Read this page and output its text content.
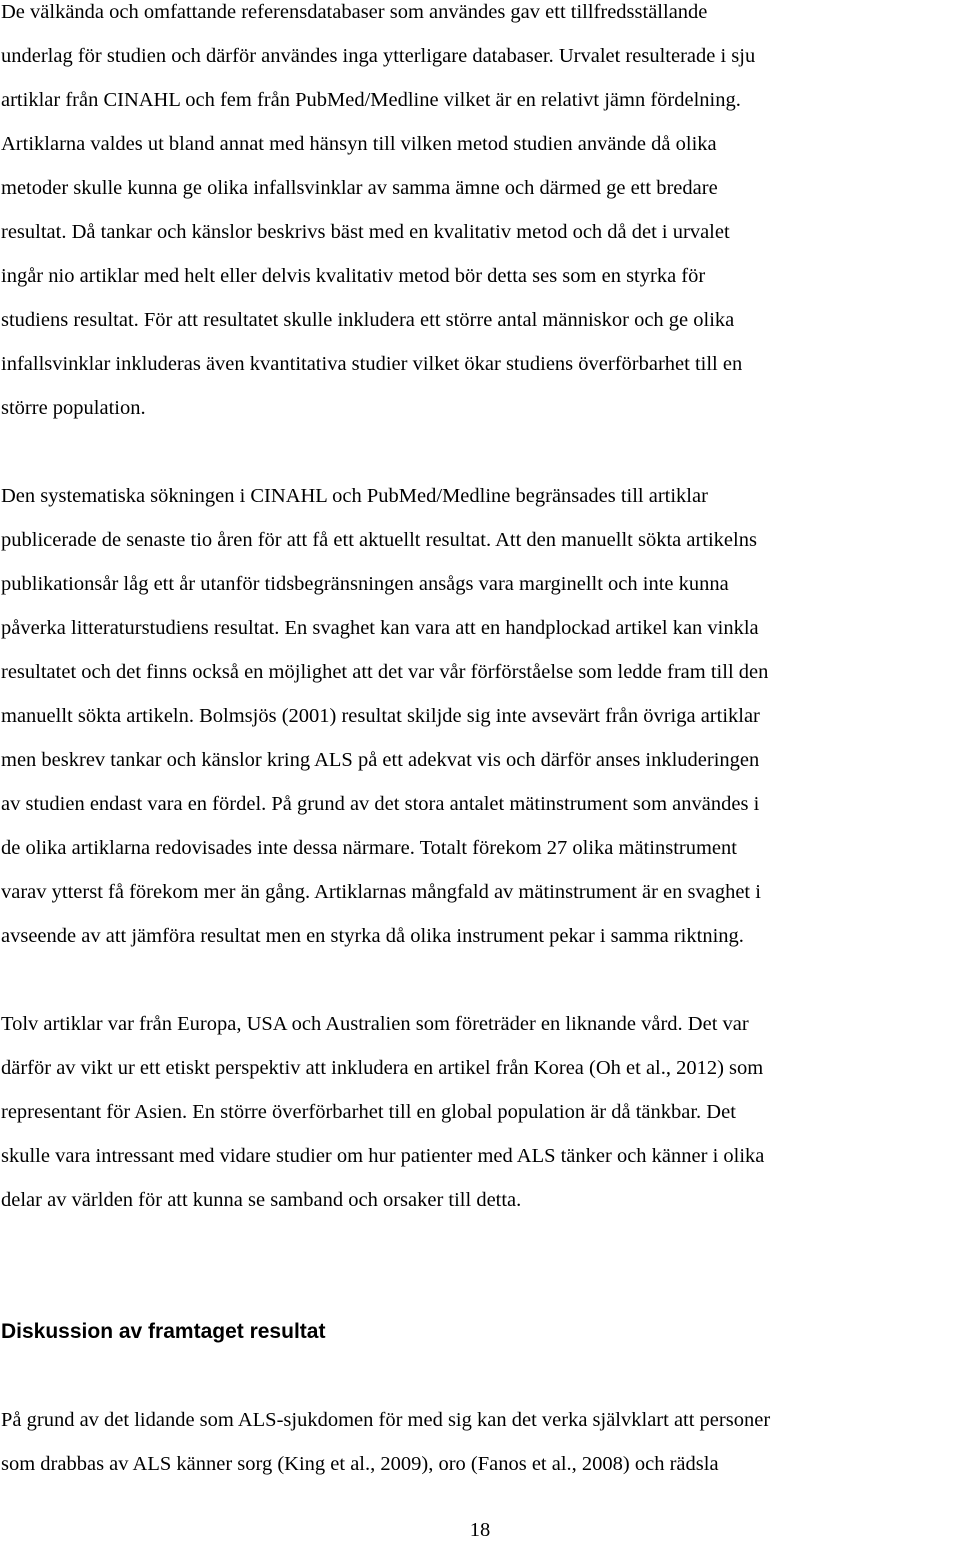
De välkända och omfattande referensdatabaser som användes gav ett tillfredsställande
underlag för studien och därför användes inga ytterligare databaser. Urvalet resulterade i sju
artiklar från CINAHL och fem från PubMed/Medline vilket är en relativt jämn fördelning.
Artiklarna valdes ut bland annat med hänsyn till vilken metod studien använde då olika
metoder skulle kunna ge olika infallsvinklar av samma ämne och därmed ge ett bredare
resultat. Då tankar och känslor beskrivs bäst med en kvalitativ metod och då det i urvalet
ingår nio artiklar med helt eller delvis kvalitativ metod bör detta ses som en styrka för
studiens resultat. För att resultatet skulle inkludera ett större antal människor och ge olika
infallsvinklar inkluderas även kvantitativa studier vilket ökar studiens överförbarhet till en
större population.
Den systematiska sökningen i CINAHL och PubMed/Medline begränsades till artiklar
publicerade de senaste tio åren för att få ett aktuellt resultat. Att den manuellt sökta artikelns
publikationsår låg ett år utanför tidsbegränsningen ansågs vara marginellt och inte kunna
påverka litteraturstudiens resultat. En svaghet kan vara att en handplockad artikel kan vinkla
resultatet och det finns också en möjlighet att det var vår förförståelse som ledde fram till den
manuellt sökta artikeln. Bolmsjös (2001) resultat skiljde sig inte avsevärt från övriga artiklar
men beskrev tankar och känslor kring ALS på ett adekvat vis och därför anses inkluderingen
av studien endast vara en fördel. På grund av det stora antalet mätinstrument som användes i
de olika artiklarna redovisades inte dessa närmare. Totalt förekom 27 olika mätinstrument
varav ytterst få förekom mer än gång. Artiklarnas mångfald av mätinstrument är en svaghet i
avseende av att jämföra resultat men en styrka då olika instrument pekar i samma riktning.
Tolv artiklar var från Europa, USA och Australien som företräder en liknande vård. Det var
därför av vikt ur ett etiskt perspektiv att inkludera en artikel från Korea (Oh et al., 2012) som
representant för Asien. En större överförbarhet till en global population är då tänkbar. Det
skulle vara intressant med vidare studier om hur patienter med ALS tänker och känner i olika
delar av världen för att kunna se samband och orsaker till detta.
Diskussion av framtaget resultat
På grund av det lidande som ALS-sjukdomen för med sig kan det verka självklart att personer
som drabbas av ALS känner sorg (King et al., 2009), oro (Fanos et al., 2008) och rädsla
18
